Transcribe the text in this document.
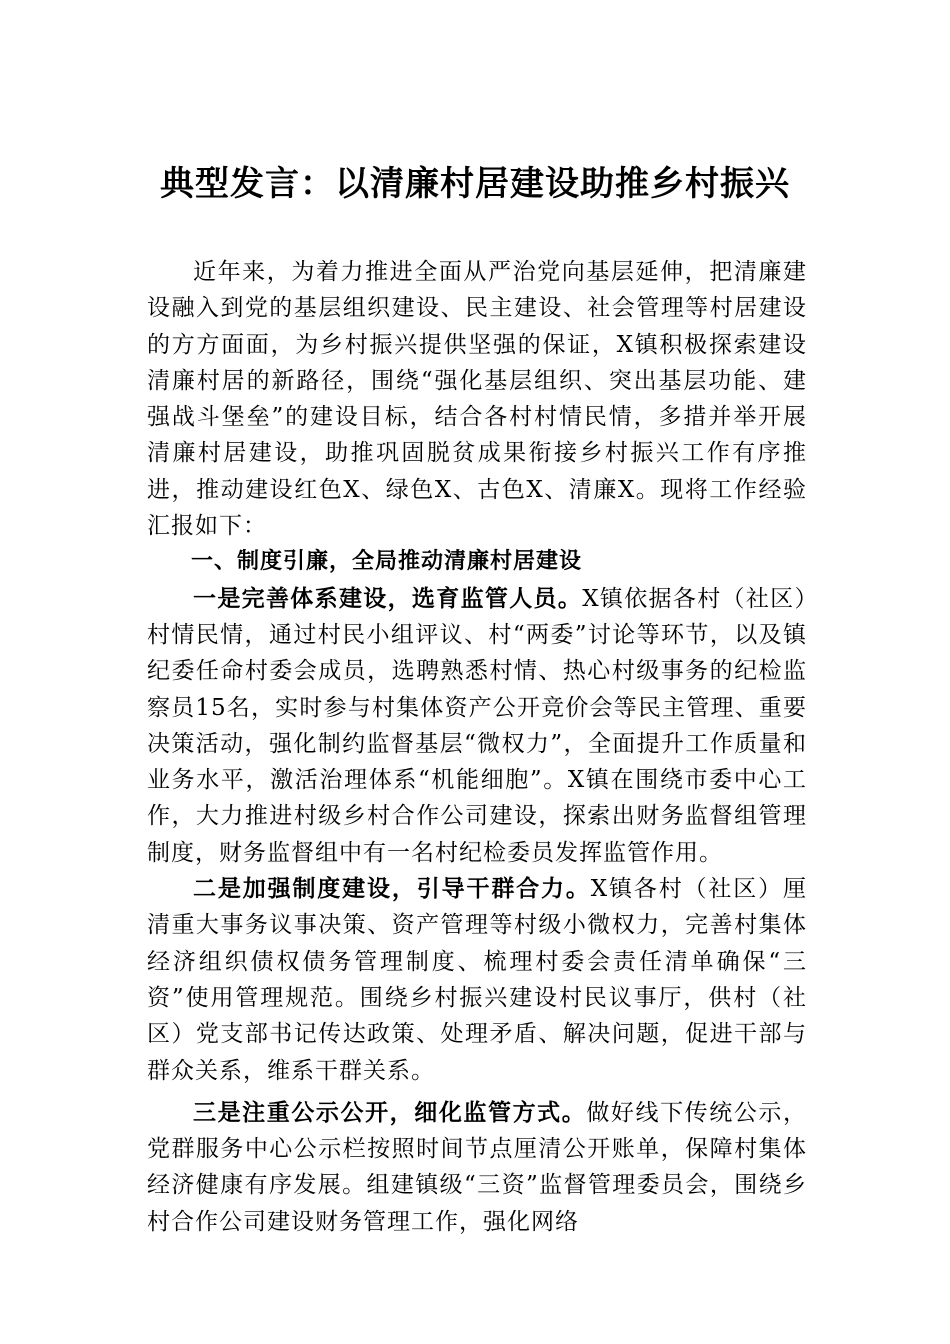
典型发言：以清廉村居建设助推乡村振兴

近年来，为着力推进全面从严治党向基层延伸，把清廉建设融入到党的基层组织建设、民主建设、社会管理等村居建设的方方面面，为乡村振兴提供坚强的保证，X镇积极探索建设清廉村居的新路径，围绕“强化基层组织、突出基层功能、建强战斗堡垒”的建设目标，结合各村村情民情，多措并举开展清廉村居建设，助推巩固脱贫成果衔接乡村振兴工作有序推进，推动建设红色X、绿色X、古色X、清廉X。现将工作经验汇报如下：

一、制度引廉，全局推动清廉村居建设

一是完善体系建设，选育监管人员。X镇依据各村（社区）村情民情，通过村民小组评议、村“两委”讨论等环节，以及镇纪委任命村委会成员，选聘熟悉村情、热心村级事务的纪检监察员15名，实时参与村集体资产公开竞价会等民主管理、重要决策活动，强化制约监督基层“微权力”，全面提升工作质量和业务水平，激活治理体系“机能细胞”。X镇在围绕市委中心工作，大力推进村级乡村合作公司建设，探索出财务监督组管理制度，财务监督组中有一名村纪检委员发挥监管作用。

二是加强制度建设，引导干群合力。X镇各村（社区）厘清重大事务议事决策、资产管理等村级小微权力，完善村集体经济组织债权债务管理制度、梳理村委会责任清单确保“三资”使用管理规范。围绕乡村振兴建设村民议事厅，供村（社区）党支部书记传达政策、处理矛盾、解决问题，促进干部与群众关系，维系干群关系。

三是注重公示公开，细化监管方式。做好线下传统公示，党群服务中心公示栏按照时间节点厘清公开账单，保障村集体经济健康有序发展。组建镇级“三资”监督管理委员会，围绕乡村合作公司建设财务管理工作，强化网络
